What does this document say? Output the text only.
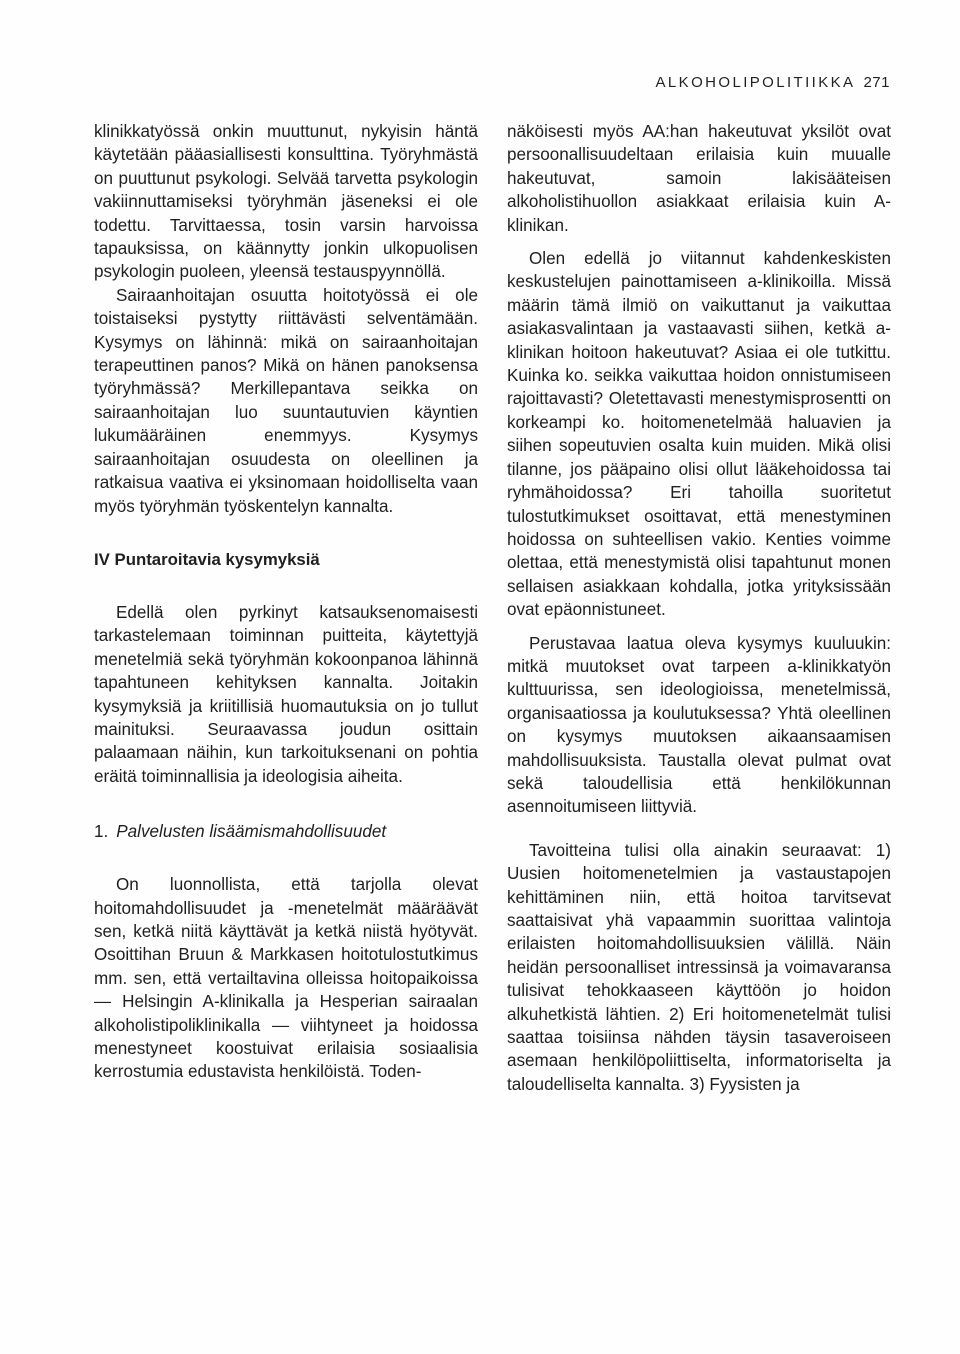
ALKOHOLIPOLITIIKKA 271

klinikkatyössä onkin muuttunut, nykyisin häntä käytetään pääasiallisesti konsulttina. Työryhmästä on puuttunut psykologi. Selvää tarvetta psykologin vakiinnuttamiseksi työryhmän jäseneksi ei ole todettu. Tarvittaessa, tosin varsin harvoissa tapauksissa, on käännytty jonkin ulkopuolisen psykologin puoleen, yleensä testauspyynnöllä.

Sairaanhoitajan osuutta hoitotyössä ei ole toistaiseksi pystytty riittävästi selventämään. Kysymys on lähinnä: mikä on sairaanhoitajan terapeuttinen panos? Mikä on hänen panoksensa työryhmässä? Merkillepantava seikka on sairaanhoitajan luo suuntautuvien käyntien lukumääräinen enemmyys. Kysymys sairaanhoitajan osuudesta on oleellinen ja ratkaisua vaativa ei yksinomaan hoidolliselta vaan myös työryhmän työskentelyn kannalta.

IV Puntaroitavia kysymyksiä

Edellä olen pyrkinyt katsauksenomaisesti tarkastelemaan toiminnan puitteita, käytettyjä menetelmiä sekä työryhmän kokoonpanoa lähinnä tapahtuneen kehityksen kannalta. Joitakin kysymyksiä ja kriitillisiä huomautuksia on jo tullut mainituksi. Seuraavassa joudun osittain palaamaan näihin, kun tarkoituksenani on pohtia eräitä toiminnallisia ja ideologisia aiheita.

1. Palvelusten lisäämismahdollisuudet

On luonnollista, että tarjolla olevat hoitomahdollisuudet ja -menetelmät määräävät sen, ketkä niitä käyttävät ja ketkä niistä hyötyvät. Osoittihan Bruun & Markkasen hoitotulostutkimus mm. sen, että vertailtavina olleissa hoitopaikoissa — Helsingin A-klinikalla ja Hesperian sairaalan alkoholistipoliklinikalla — viihtyneet ja hoidossa menestyneet koostuivat erilaisia sosiaalisia kerrostumia edustavista henkilöistä. Toden-

näköisesti myös AA:han hakeutuvat yksilöt ovat persoonallisuudeltaan erilaisia kuin muualle hakeutuvat, samoin lakisääteisen alkoholistihuollon asiakkaat erilaisia kuin A-klinikan.

Olen edellä jo viitannut kahdenkeskisten keskustelujen painottamiseen a-klinikoilla. Missä määrin tämä ilmiö on vaikuttanut ja vaikuttaa asiakasvalintaan ja vastaavasti siihen, ketkä a-klinikan hoitoon hakeutuvat? Asiaa ei ole tutkittu. Kuinka ko. seikka vaikuttaa hoidon onnistumiseen rajoittavasti? Oletettavasti menestymisprosentti on korkeampi ko. hoitomenetelmää haluavien ja siihen sopeutuvien osalta kuin muiden. Mikä olisi tilanne, jos pääpaino olisi ollut lääkehoidossa tai ryhmähoidossa? Eri tahoilla suoritetut tulostutkimukset osoittavat, että menestyminen hoidossa on suhteellisen vakio. Kenties voimme olettaa, että menestymistä olisi tapahtunut monen sellaisen asiakkaan kohdalla, jotka yrityksissään ovat epäonnistuneet.

Perustavaa laatua oleva kysymys kuuluukin: mitkä muutokset ovat tarpeen a-klinikkatyön kulttuurissa, sen ideologioissa, menetelmissä, organisaatiossa ja koulutuksessa? Yhtä oleellinen on kysymys muutoksen aikaansaamisen mahdollisuuksista. Taustalla olevat pulmat ovat sekä taloudellisia että henkilökunnan asennoitumiseen liittyviä.

Tavoitteina tulisi olla ainakin seuraavat: 1) Uusien hoitomenetelmien ja vastaustapojen kehittäminen niin, että hoitoa tarvitsevat saattaisivat yhä vapaammin suorittaa valintoja erilaisten hoitomahdollisuuksien välillä. Näin heidän persoonalliset intressinsä ja voimavaransa tulisivat tehokkaaseen käyttöön jo hoidon alkuhetkistä lähtien. 2) Eri hoitomenetelmät tulisi saattaa toisiinsa nähden täysin tasaveroiseen asemaan henkilöpoliittiselta, informatoriselta ja taloudelliselta kannalta. 3) Fyysisten ja
